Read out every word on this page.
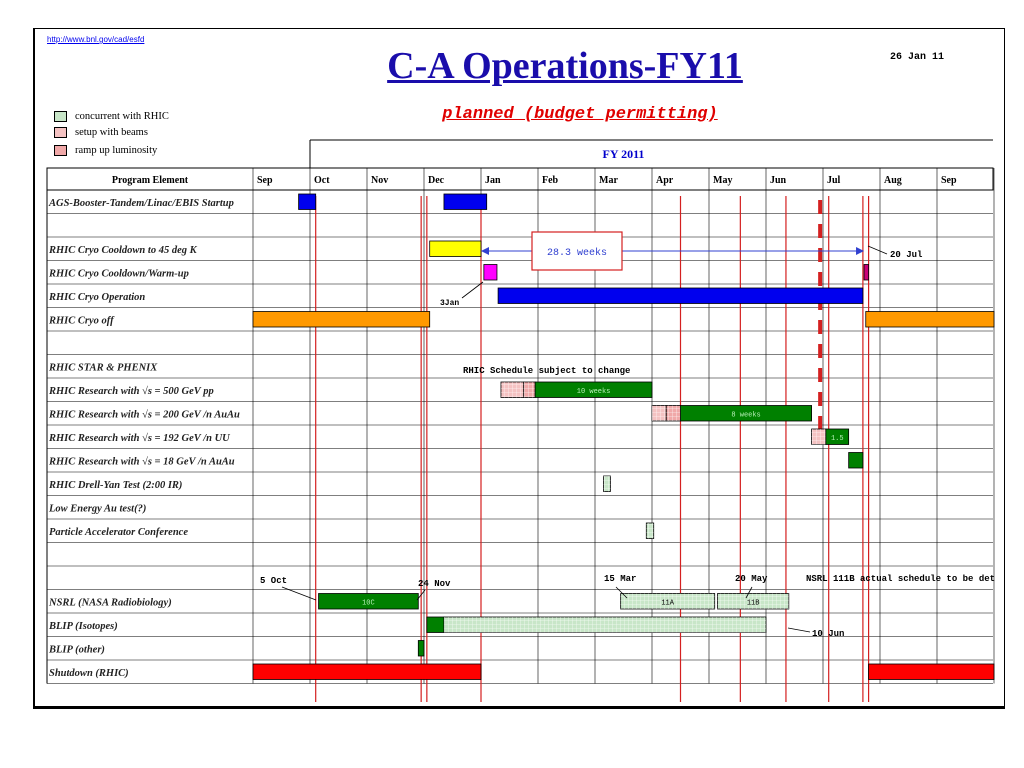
http://www.bnl.gov/cad/esfd
C-A Operations-FY11	26 Jan 11
planned (budget permitting)
concurrent with RHIC
setup with beams
ramp up luminosity	FY 2011
Program Element	Sep	Oct	Nov	Dec	Jan	Feb	Mar	Apr	May	Jun	Jul	Aug	Sep
AGS-Booster-Tandem/Linac/EBIS Startup
RHIC Cryo Cooldown to 45 deg K
RHIC Cryo Cooldown/Warm-up
RHIC Cryo Operation
RHIC Cryo off
RHIC STAR & PHENIX
RHIC Research with √s = 500 GeV pp
RHIC Research with √s = 200 GeV /n AuAu
RHIC Research with √s = 192 GeV /n UU
RHIC Research with √s = 18 GeV /n AuAu
RHIC Drell-Yan Test (2:00 IR)
Low Energy Au test(?)
Particle Accelerator Conference
NSRL (NASA Radiobiology)
BLIP (Isotopes)
BLIP (other)
Shutdown (RHIC)
10 weeks
8 weeks
1.5
10C	11A	11B
28.3 weeks	20 Jul
3Jan
RHIC Schedule subject to change
5 Oct	24 Nov	15 Mar	20 May	NSRL 111B actual schedule to be det
10 Jun
